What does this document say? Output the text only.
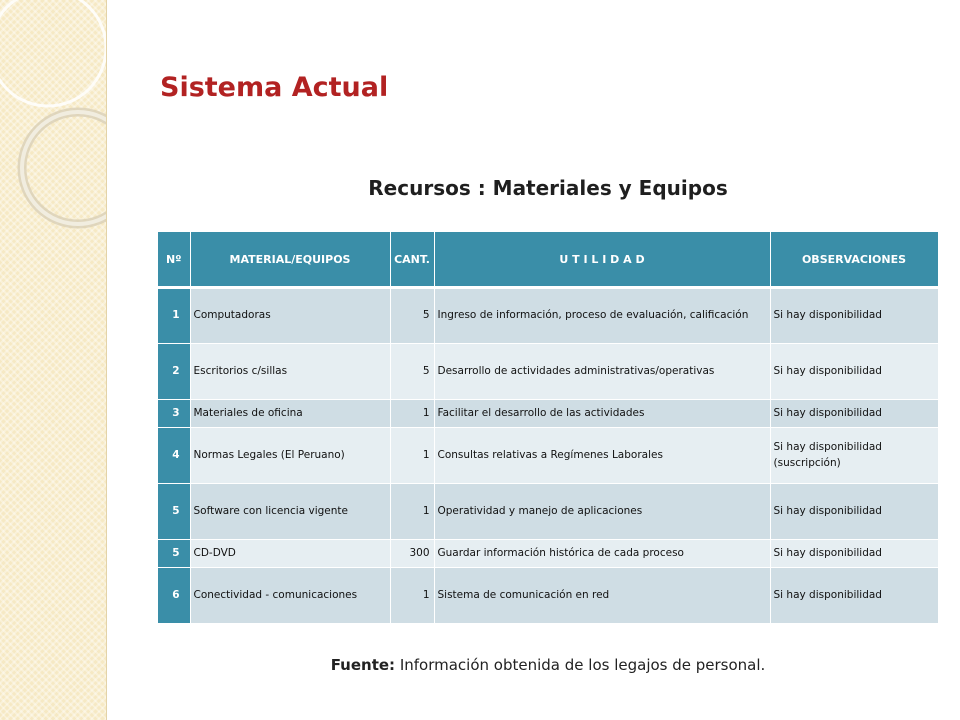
Sistema Actual
Recursos : Materiales y Equipos
Nº	MATERIAL/EQUIPOS	CANT.	U T I L I D A D	OBSERVACIONES
1	Computadoras	5	Ingreso de información, proceso de evaluación, calificación	Si hay disponibilidad
2	Escritorios c/sillas	5	Desarrollo de actividades administrativas/operativas	Si hay disponibilidad
3	Materiales de oficina	1	Facilitar el desarrollo de las actividades	Si hay disponibilidad
4	Normas Legales (El Peruano)	1	Consultas relativas a Regímenes Laborales	Si hay disponibilidad (suscripción)
5	Software con licencia vigente	1	Operatividad y manejo de aplicaciones	Si hay disponibilidad
5	CD-DVD	300	Guardar información histórica de cada proceso	Si hay disponibilidad
6	Conectividad - comunicaciones	1	Sistema de comunicación en red	Si hay disponibilidad

Fuente: Información obtenida de los legajos de personal.
